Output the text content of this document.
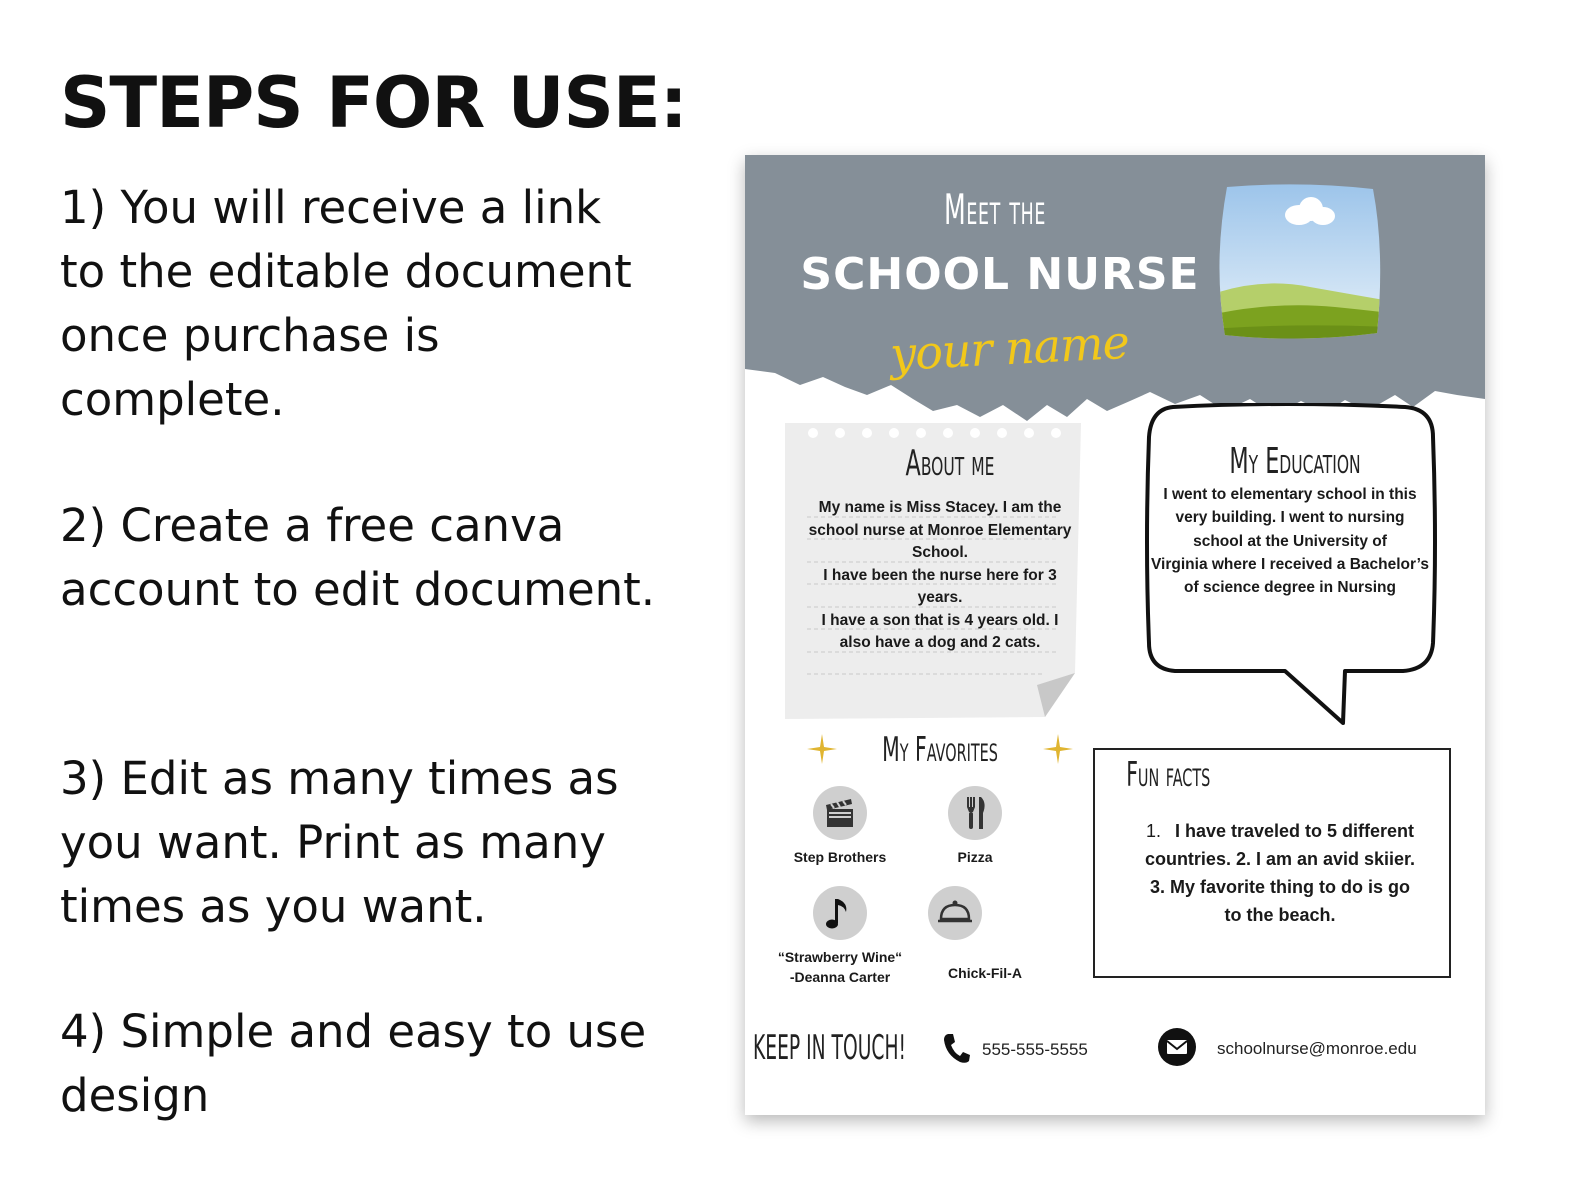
STEPS FOR USE:

1) You will receive a link to the editable document once purchase is complete.

2) Create a free canva account to edit document.

3) Edit as many times as you want. Print as many times as you want.

4) Simple and easy to use design

Meet the
SCHOOL NURSE
your name
About me
My name is Miss Stacey. I am the school nurse at Monroe Elementary School.
I have been the nurse here for 3 years.
I have a son that is 4 years old. I also have a dog and 2 cats.
My Education
I went to elementary school in this very building. I went to nursing school at the University of
Virginia where I received a Bachelor’s of science degree in Nursing
My Favorites
Step Brothers	Pizza
“Strawberry Wine“
-Deanna Carter	Chick-Fil-A
Fun facts
1. I have traveled to 5 different countries. 2. I am an avid skiier. 3. My favorite thing to do is go to the beach.
KEEP IN TOUCH!	555-555-5555	schoolnurse@monroe.edu
